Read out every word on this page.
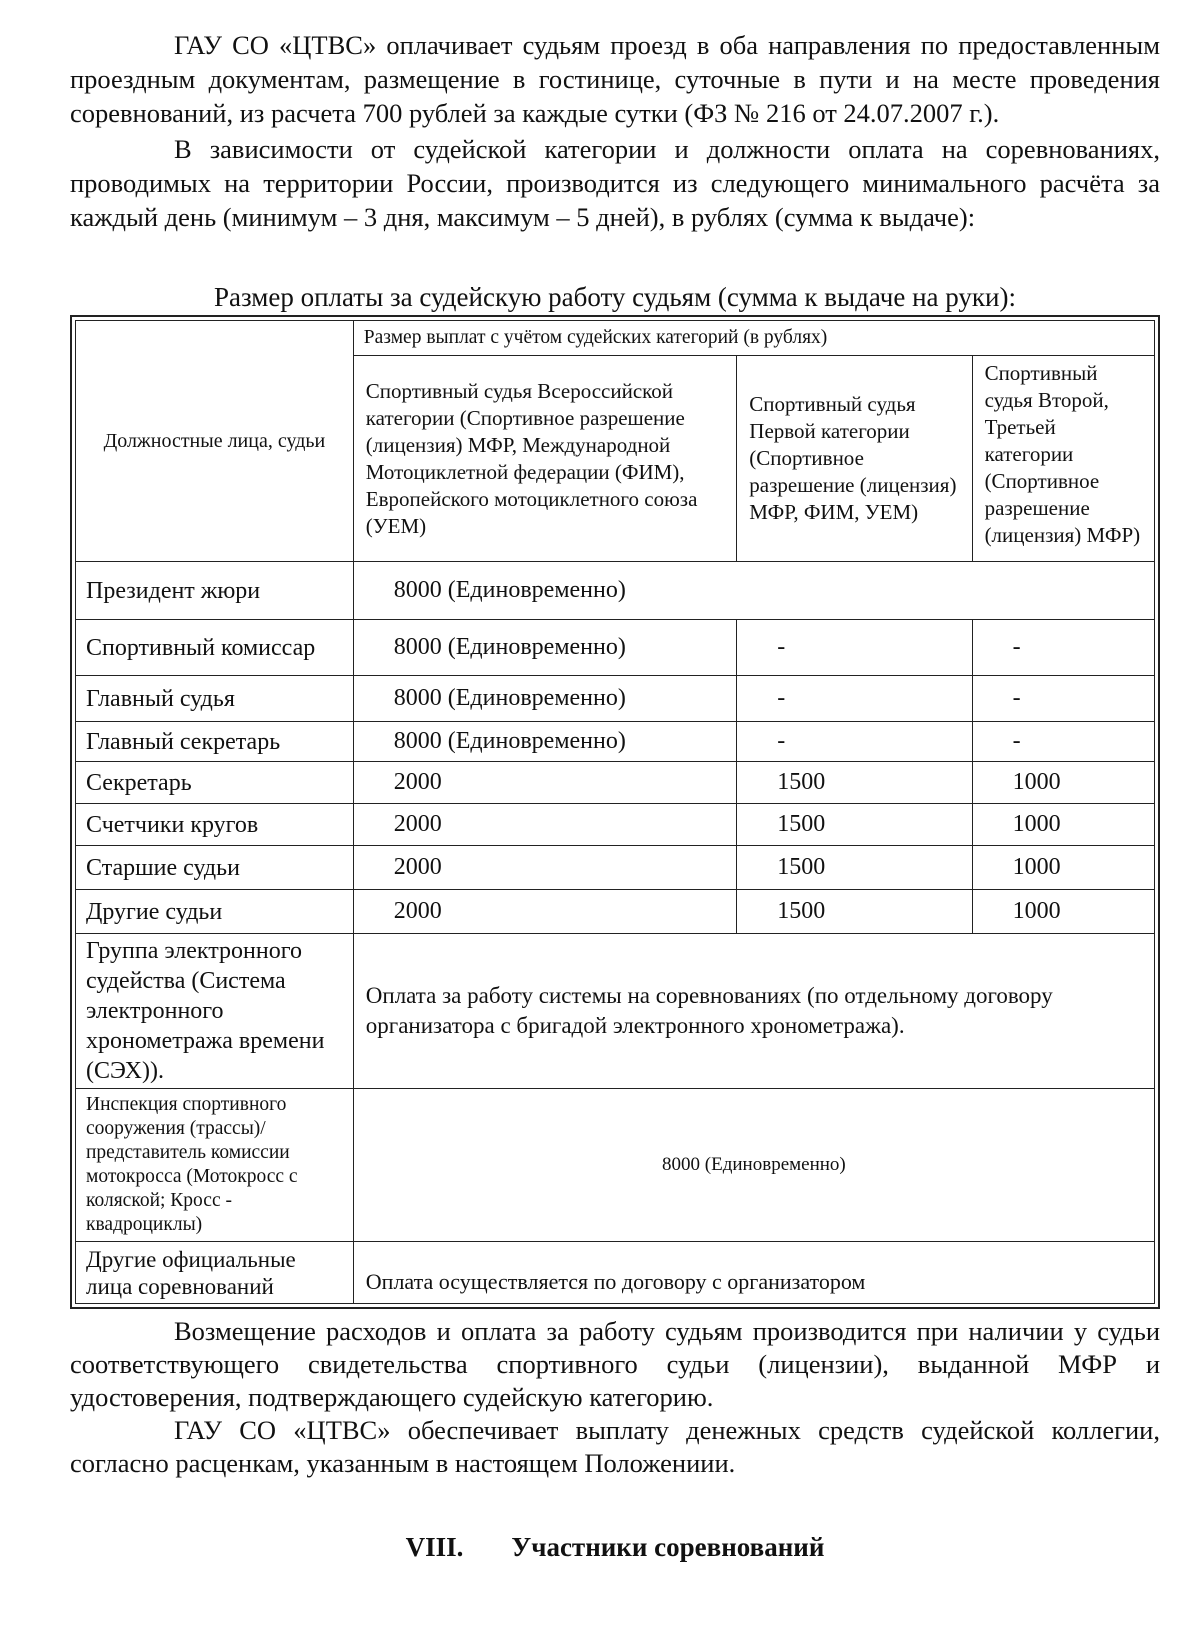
ГАУ СО «ЦТВС» оплачивает судьям проезд в оба направления по предоставленным проездным документам, размещение в гостинице, суточные в пути и на месте проведения соревнований, из расчета 700 рублей за каждые сутки (ФЗ № 216 от 24.07.2007 г.).

В зависимости от судейской категории и должности оплата на соревнованиях, проводимых на территории России, производится из следующего минимального расчёта за каждый день (минимум – 3 дня, максимум – 5 дней), в рублях (сумма к выдаче):

Размер оплаты за судейскую работу судьям (сумма к выдаче на руки):
Должностные лица, судьи	Размер выплат с учётом судейских категорий (в рублях)		
	Спортивный судья Всероссийской категории (Спортивное разрешение (лицензия) МФР, Международной Мотоциклетной федерации (ФИМ), Европейского мотоциклетного союза (УЕМ)	Спортивный судья Первой категории (Спортивное разрешение (лицензия) МФР, ФИМ, УЕМ)	Спортивный судья Второй, Третьей категории (Спортивное разрешение (лицензия) МФР)
Президент жюри	8000 (Единовременно)		
Спортивный комиссар	8000 (Единовременно)	-	-
Главный судья	8000 (Единовременно)	-	-
Главный секретарь	8000 (Единовременно)	-	-
Секретарь	2000	1500	1000
Счетчики кругов	2000	1500	1000
Старшие судьи	2000	1500	1000
Другие судьи	2000	1500	1000
Группа электронного судейства (Система электронного хронометража времени (СЭХ)).	Оплата за работу системы на соревнованиях (по отдельному договору организатора с бригадой электронного хронометража).		
Инспекция спортивного сооружения (трассы)/ представитель комиссии мотокросса (Мотокросс с коляской; Кросс - квадроциклы)	8000 (Единовременно)		
Другие официальные лица соревнований	Оплата осуществляется по договору с организатором		

Возмещение расходов и оплата за работу судьям производится при наличии у судьи соответствующего свидетельства спортивного судьи (лицензии), выданной МФР и удостоверения, подтверждающего судейскую категорию.

ГАУ СО «ЦТВС» обеспечивает выплату денежных средств судейской коллегии, согласно расценкам, указанным в настоящем Положениии.

VIII. Участники соревнований
